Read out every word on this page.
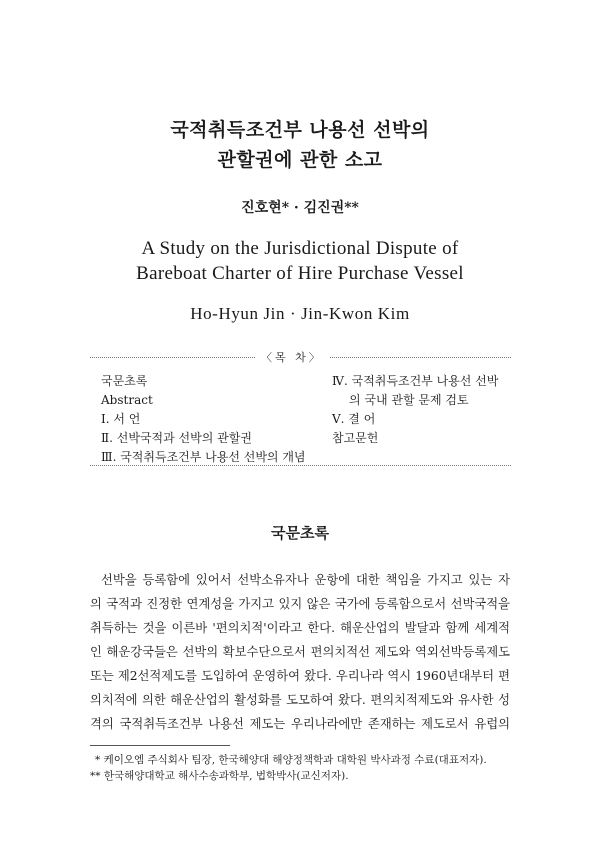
국적취득조건부 나용선 선박의
관할권에 관한 소고
진호현* · 김진권**
A Study on the Jurisdictional Dispute of
Bareboat Charter of Hire Purchase Vessel
Ho-Hyun Jin · Jin-Kwon Kim
〈목 차〉
국문초록
Abstract
Ⅰ. 서 언
Ⅱ. 선박국적과 선박의 관할권
Ⅲ. 국적취득조건부 나용선 선박의 개념
Ⅳ. 국적취득조건부 나용선 선박
의 국내 관할 문제 검토
Ⅴ. 결 어
참고문헌
국문초록
선박을 등록함에 있어서 선박소유자나 운항에 대한 책임을 가지고 있는 자
의 국적과 진정한 연계성을 가지고 있지 않은 국가에 등록함으로서 선박국적을
취득하는 것을 이른바 '편의치적'이라고 한다. 해운산업의 발달과 함께 세계적
인 해운강국들은 선박의 확보수단으로서 편의치적선 제도와 역외선박등록제도
또는 제2선적제도를 도입하여 운영하여 왔다. 우리나라 역시 1960년대부터 편
의치적에 의한 해운산업의 활성화를 도모하여 왔다. 편의치적제도와 유사한 성
격의 국적취득조건부 나용선 제도는 우리나라에만 존재하는 제도로서 유럽의
* 케이오엠 주식회사 팀장, 한국해양대 해양정책학과 대학원 박사과정 수료(대표저자).
** 한국해양대학교 해사수송과학부, 법학박사(교신저자).
